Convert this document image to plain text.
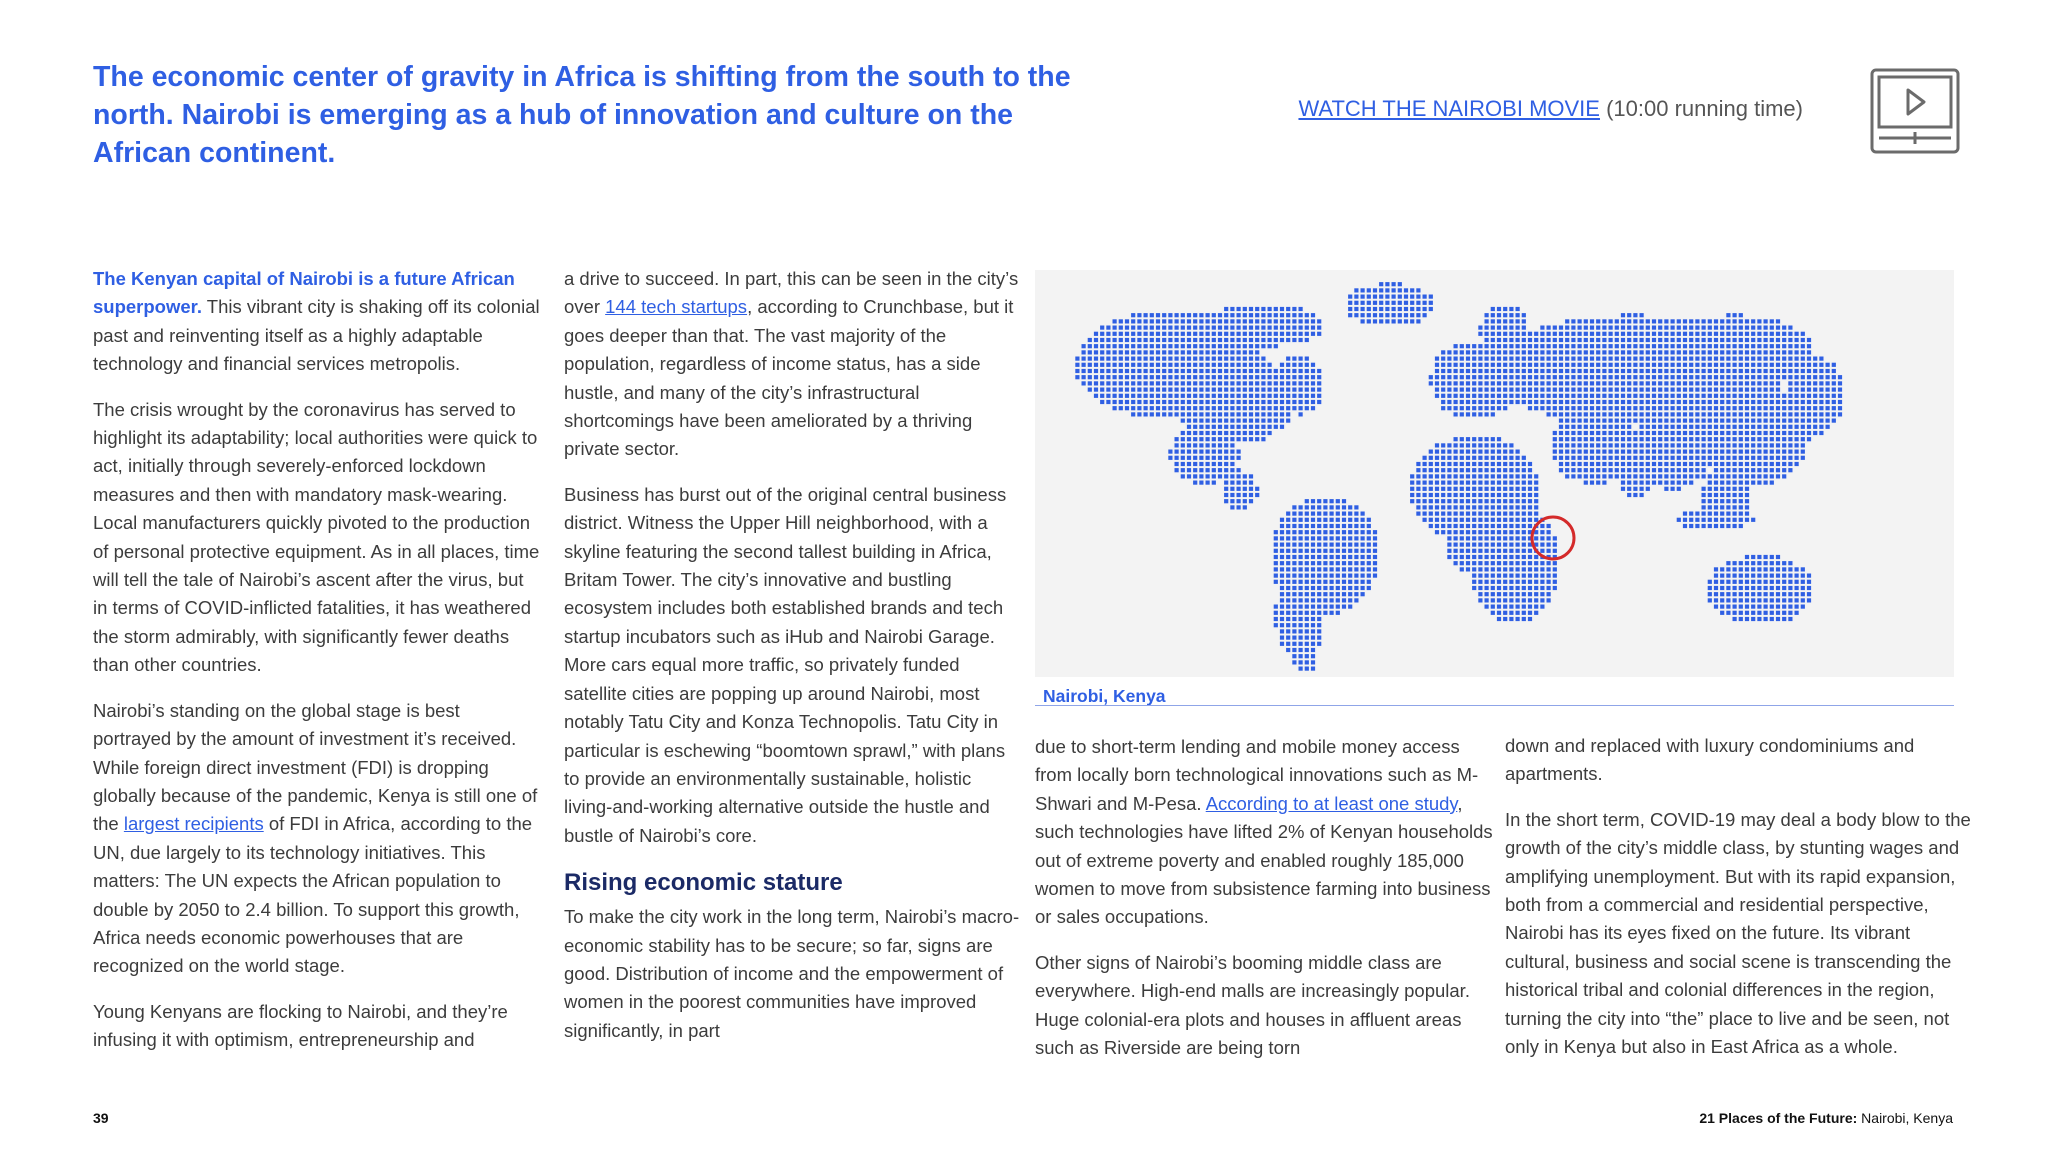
The economic center of gravity in Africa is shifting from the south to the north. Nairobi is emerging as a hub of innovation and culture on the African continent.
WATCH THE NAIROBI MOVIE (10:00 running time)

The Kenyan capital of Nairobi is a future African superpower. This vibrant city is shaking off its colonial past and reinventing itself as a highly adaptable technology and financial services metropolis.

The crisis wrought by the coronavirus has served to highlight its adaptability; local authorities were quick to act, initially through severely-enforced lockdown measures and then with mandatory mask-wearing. Local manufacturers quickly pivoted to the production of personal protective equipment. As in all places, time will tell the tale of Nairobi’s ascent after the virus, but in terms of COVID-inflicted fatalities, it has weathered the storm admirably, with significantly fewer deaths than other countries.

Nairobi’s standing on the global stage is best portrayed by the amount of investment it’s received. While foreign direct investment (FDI) is dropping globally because of the pandemic, Kenya is still one of the largest recipients of FDI in Africa, according to the UN, due largely to its technology initiatives. This matters: The UN expects the African population to double by 2050 to 2.4 billion. To support this growth, Africa needs economic powerhouses that are recognized on the world stage.

Young Kenyans are flocking to Nairobi, and they’re infusing it with optimism, entrepreneurship and

a drive to succeed. In part, this can be seen in the city’s over 144 tech startups, according to Crunchbase, but it goes deeper than that. The vast majority of the population, regardless of income status, has a side hustle, and many of the city’s infrastructural shortcomings have been ameliorated by a thriving private sector.

Business has burst out of the original central business district. Witness the Upper Hill neighborhood, with a skyline featuring the second tallest building in Africa, Britam Tower. The city’s innovative and bustling ecosystem includes both established brands and tech startup incubators such as iHub and Nairobi Garage. More cars equal more traffic, so privately funded satellite cities are popping up around Nairobi, most notably Tatu City and Konza Technopolis. Tatu City in particular is eschewing “boomtown sprawl,” with plans to provide an environmentally sustainable, holistic living-and-working alternative outside the hustle and bustle of Nairobi’s core.

Rising economic stature

To make the city work in the long term, Nairobi’s macro-economic stability has to be secure; so far, signs are good. Distribution of income and the empowerment of women in the poorest communities have improved significantly, in part

Nairobi, Kenya

due to short-term lending and mobile money access from locally born technological innovations such as M-Shwari and M-Pesa. According to at least one study, such technologies have lifted 2% of Kenyan households out of extreme poverty and enabled roughly 185,000 women to move from subsistence farming into business or sales occupations.

Other signs of Nairobi’s booming middle class are everywhere. High-end malls are increasingly popular. Huge colonial-era plots and houses in affluent areas such as Riverside are being torn

down and replaced with luxury condominiums and apartments.

In the short term, COVID-19 may deal a body blow to the growth of the city’s middle class, by stunting wages and amplifying unemployment. But with its rapid expansion, both from a commercial and residential perspective, Nairobi has its eyes fixed on the future. Its vibrant cultural, business and social scene is transcending the historical tribal and colonial differences in the region, turning the city into “the” place to live and be seen, not only in Kenya but also in East Africa as a whole.

39	21 Places of the Future: Nairobi, Kenya
